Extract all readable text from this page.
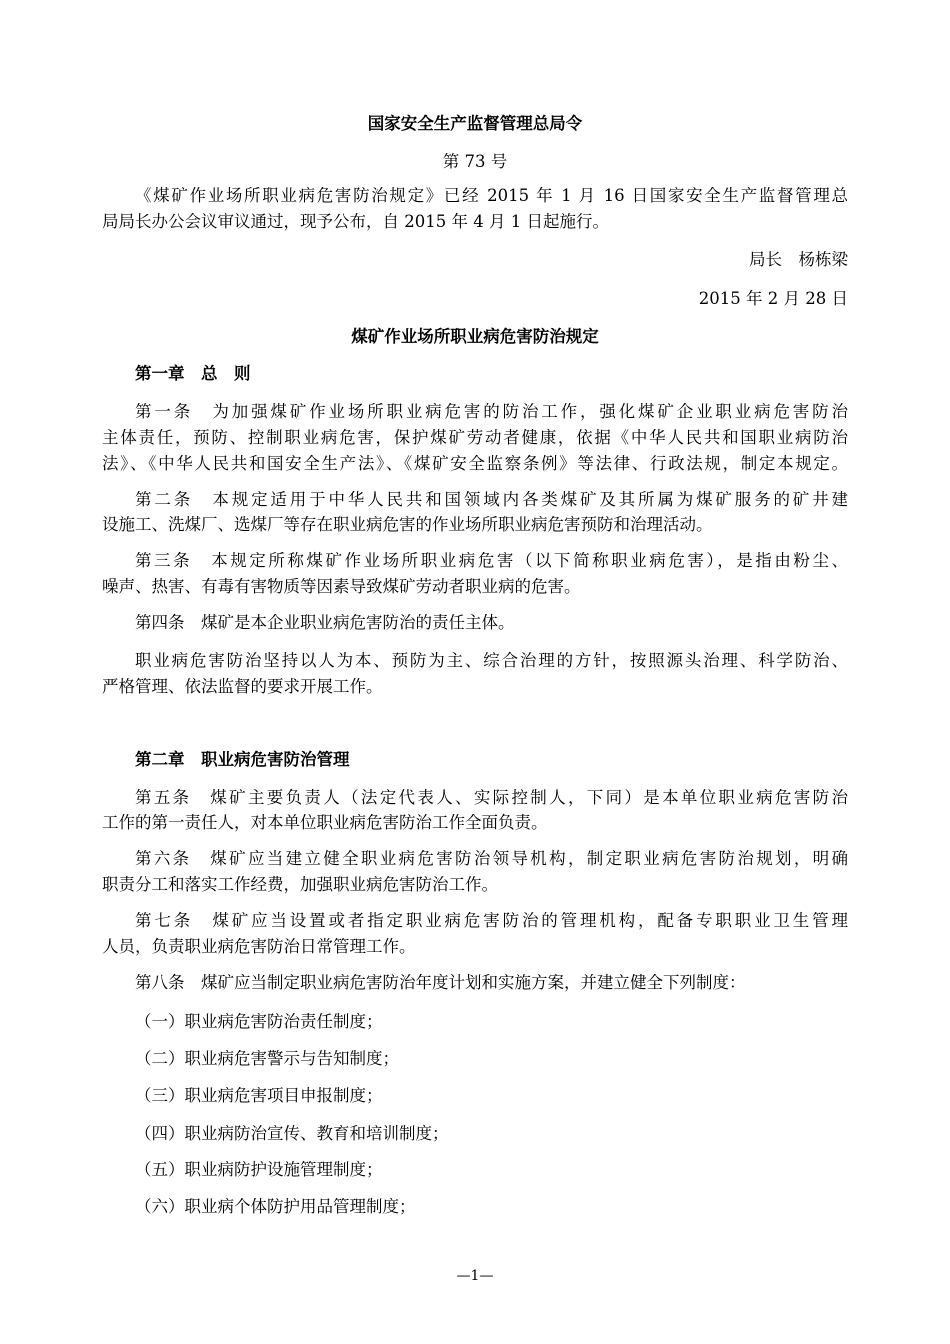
国家安全生产监督管理总局令
第 73 号
《煤矿作业场所职业病危害防治规定》已经 2015 年 1 月 16 日国家安全生产监督管理总
局局长办公会议审议通过，现予公布，自 2015 年 4 月 1 日起施行。
局长　杨栋梁
2015 年 2 月 28 日
煤矿作业场所职业病危害防治规定
第一章　总　则
第一条　为加强煤矿作业场所职业病危害的防治工作，强化煤矿企业职业病危害防治
主体责任，预防、控制职业病危害，保护煤矿劳动者健康，依据《中华人民共和国职业病防治
法》、《中华人民共和国安全生产法》、《煤矿安全监察条例》等法律、行政法规，制定本规定。
第二条　本规定适用于中华人民共和国领域内各类煤矿及其所属为煤矿服务的矿井建
设施工、洗煤厂、选煤厂等存在职业病危害的作业场所职业病危害预防和治理活动。
第三条　本规定所称煤矿作业场所职业病危害（以下简称职业病危害），是指由粉尘、
噪声、热害、有毒有害物质等因素导致煤矿劳动者职业病的危害。
第四条　煤矿是本企业职业病危害防治的责任主体。
职业病危害防治坚持以人为本、预防为主、综合治理的方针，按照源头治理、科学防治、
严格管理、依法监督的要求开展工作。
第二章　职业病危害防治管理
第五条　煤矿主要负责人（法定代表人、实际控制人，下同）是本单位职业病危害防治
工作的第一责任人，对本单位职业病危害防治工作全面负责。
第六条　煤矿应当建立健全职业病危害防治领导机构，制定职业病危害防治规划，明确
职责分工和落实工作经费，加强职业病危害防治工作。
第七条　煤矿应当设置或者指定职业病危害防治的管理机构，配备专职职业卫生管理
人员，负责职业病危害防治日常管理工作。
第八条　煤矿应当制定职业病危害防治年度计划和实施方案，并建立健全下列制度：
（一）职业病危害防治责任制度；
（二）职业病危害警示与告知制度；
（三）职业病危害项目申报制度；
（四）职业病防治宣传、教育和培训制度；
（五）职业病防护设施管理制度；
（六）职业病个体防护用品管理制度；
—1—
